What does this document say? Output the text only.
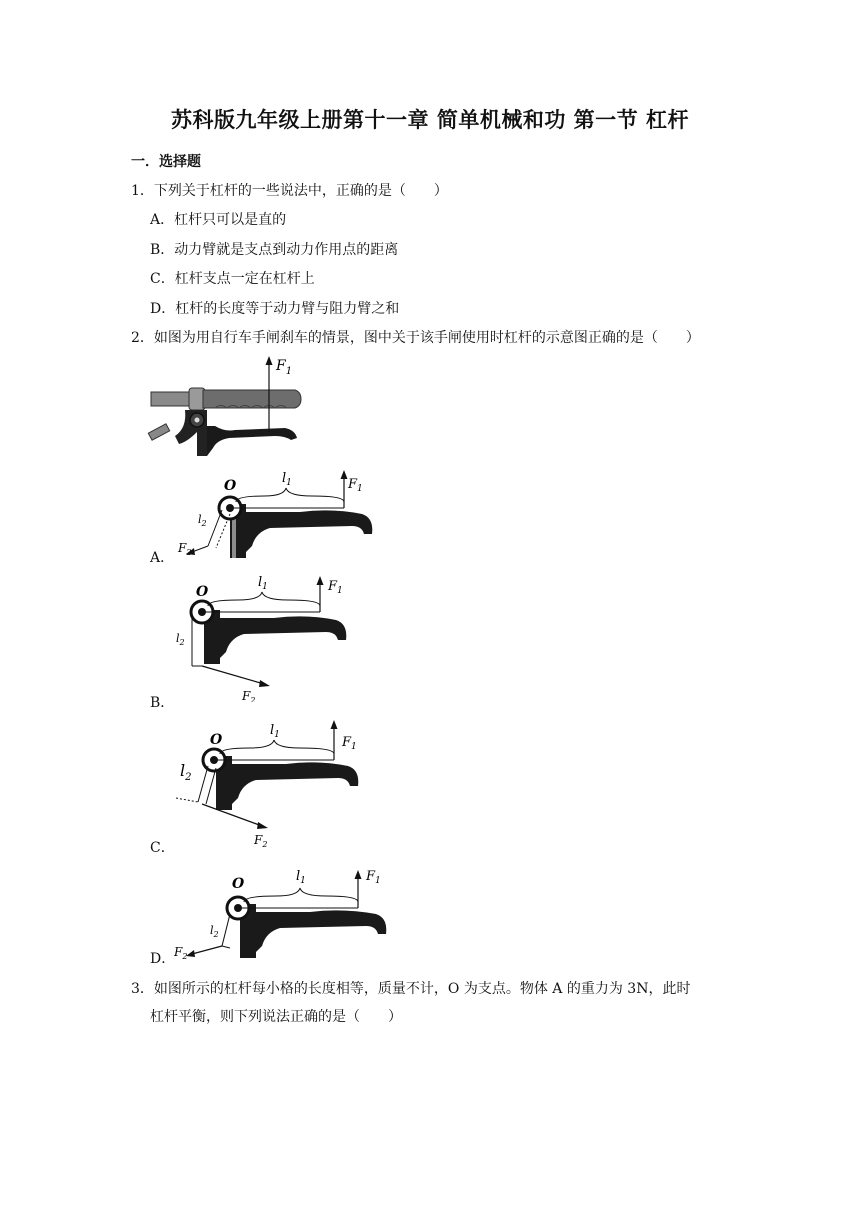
苏科版九年级上册第十一章 简单机械和功 第一节 杠杆
一．选择题
1．下列关于杠杆的一些说法中，正确的是（　　）
A．杠杆只可以是直的
B．动力臂就是支点到动力作用点的距离
C．杠杆支点一定在杠杆上
D．杠杆的长度等于动力臂与阻力臂之和
2．如图为用自行车手闸刹车的情景，图中关于该手闸使用时杠杆的示意图正确的是（　　）
$F_1$
$l_1$	$F_1$
O
$l_2$
$F_2$
A．
$l_1$	$F_1$
O
$l_2$
$F_2$
B．
$l_1$	$F_1$
O
$l_2$
$F_2$
C．
$l_1$	$F_1$
O
$l_2$
$F_2$
D．
3．如图所示的杠杆每小格的长度相等，质量不计，O 为支点。物体 A 的重力为 3N，此时
杠杆平衡，则下列说法正确的是（　　）
